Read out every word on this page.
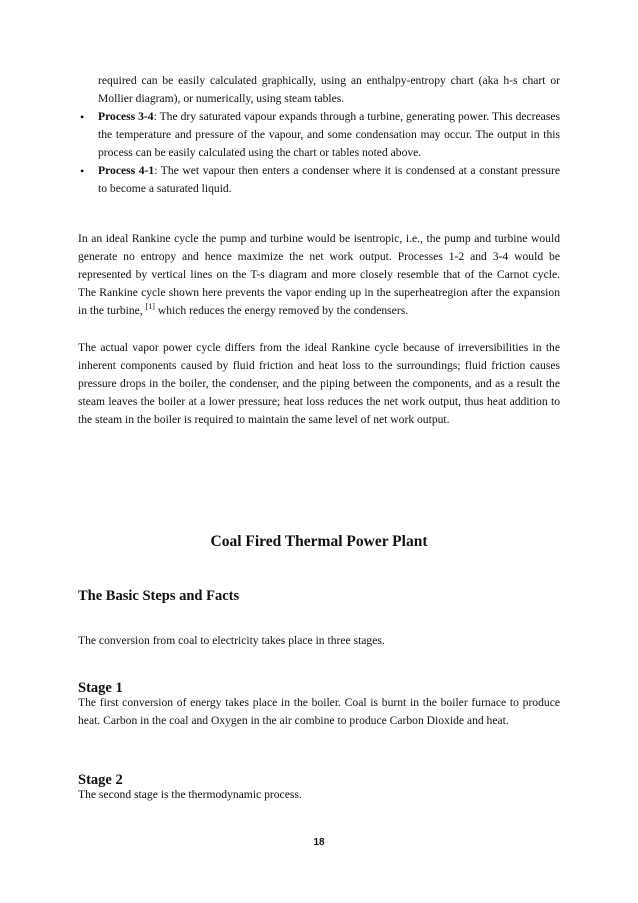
required can be easily calculated graphically, using an enthalpy-entropy chart (aka h-s chart or Mollier diagram), or numerically, using steam tables.

•	Process 3-4: The dry saturated vapour expands through a turbine, generating power. This decreases the temperature and pressure of the vapour, and some condensation may occur. The output in this process can be easily calculated using the chart or tables noted above.

•	Process 4-1: The wet vapour then enters a condenser where it is condensed at a constant pressure to become a saturated liquid.

In an ideal Rankine cycle the pump and turbine would be isentropic, i.e., the pump and turbine would generate no entropy and hence maximize the net work output. Processes 1-2 and 3-4 would be represented by vertical lines on the T-s diagram and more closely resemble that of the Carnot cycle. The Rankine cycle shown here prevents the vapor ending up in the superheatregion after the expansion in the turbine, [1] which reduces the energy removed by the condensers.

The actual vapor power cycle differs from the ideal Rankine cycle because of irreversibilities in the inherent components caused by fluid friction and heat loss to the surroundings; fluid friction causes pressure drops in the boiler, the condenser, and the piping between the components, and as a result the steam leaves the boiler at a lower pressure; heat loss reduces the net work output, thus heat addition to the steam in the boiler is required to maintain the same level of net work output.

Coal Fired Thermal Power Plant
The Basic Steps and Facts

The conversion from coal to electricity takes place in three stages.

Stage 1

The first conversion of energy takes place in the boiler. Coal is burnt in the boiler furnace to produce heat. Carbon in the coal and Oxygen in the air combine to produce Carbon Dioxide and heat.

Stage 2

The second stage is the thermodynamic process.

18
